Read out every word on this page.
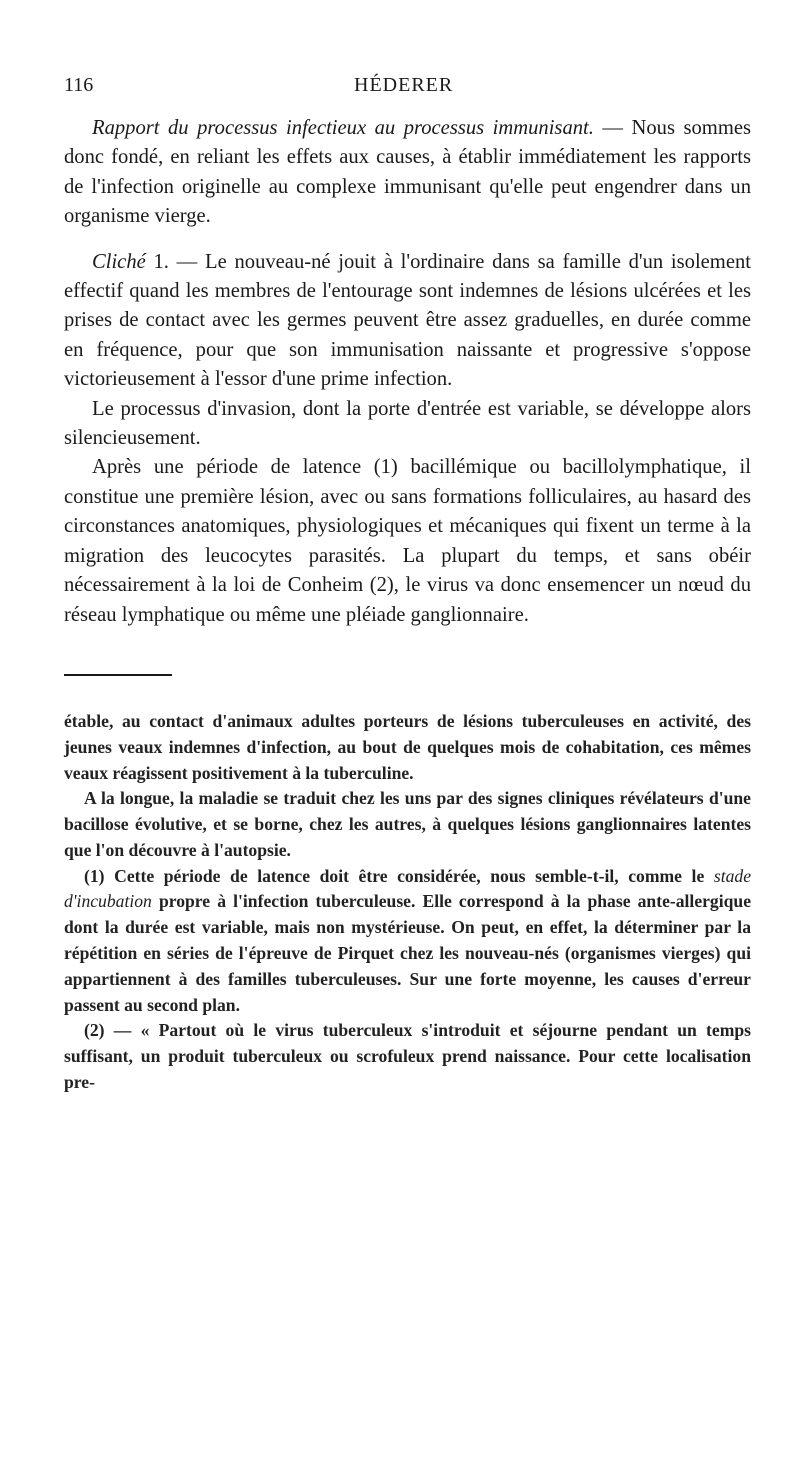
116	HÉDERER

Rapport du processus infectieux au processus immunisant. — Nous sommes donc fondé, en reliant les effets aux causes, à établir immédiatement les rapports de l'infection originelle au complexe immunisant qu'elle peut engendrer dans un organisme vierge.

Cliché 1. — Le nouveau-né jouit à l'ordinaire dans sa famille d'un isolement effectif quand les membres de l'entourage sont indemnes de lésions ulcérées et les prises de contact avec les germes peuvent être assez graduelles, en durée comme en fréquence, pour que son immunisation naissante et progressive s'oppose victorieusement à l'essor d'une prime infection.

Le processus d'invasion, dont la porte d'entrée est variable, se développe alors silencieusement.

Après une période de latence (1) bacillémique ou bacillolymphatique, il constitue une première lésion, avec ou sans formations folliculaires, au hasard des circonstances anatomiques, physiologiques et mécaniques qui fixent un terme à la migration des leucocytes parasités. La plupart du temps, et sans obéir nécessairement à la loi de Conheim (2), le virus va donc ensemencer un nœud du réseau lymphatique ou même une pléiade ganglionnaire.

étable, au contact d'animaux adultes porteurs de lésions tuberculeuses en activité, des jeunes veaux indemnes d'infection, au bout de quelques mois de cohabitation, ces mêmes veaux réagissent positivement à la tuberculine.

A la longue, la maladie se traduit chez les uns par des signes cliniques révélateurs d'une bacillose évolutive, et se borne, chez les autres, à quelques lésions ganglionnaires latentes que l'on découvre à l'autopsie.

(1) Cette période de latence doit être considérée, nous semble-t-il, comme le stade d'incubation propre à l'infection tuberculeuse. Elle correspond à la phase ante-allergique dont la durée est variable, mais non mystérieuse. On peut, en effet, la déterminer par la répétition en séries de l'épreuve de Pirquet chez les nouveau-nés (organismes vierges) qui appartiennent à des familles tuberculeuses. Sur une forte moyenne, les causes d'erreur passent au second plan.

(2) — « Partout où le virus tuberculeux s'introduit et séjourne pendant un temps suffisant, un produit tuberculeux ou scrofuleux prend naissance. Pour cette localisation pre-
